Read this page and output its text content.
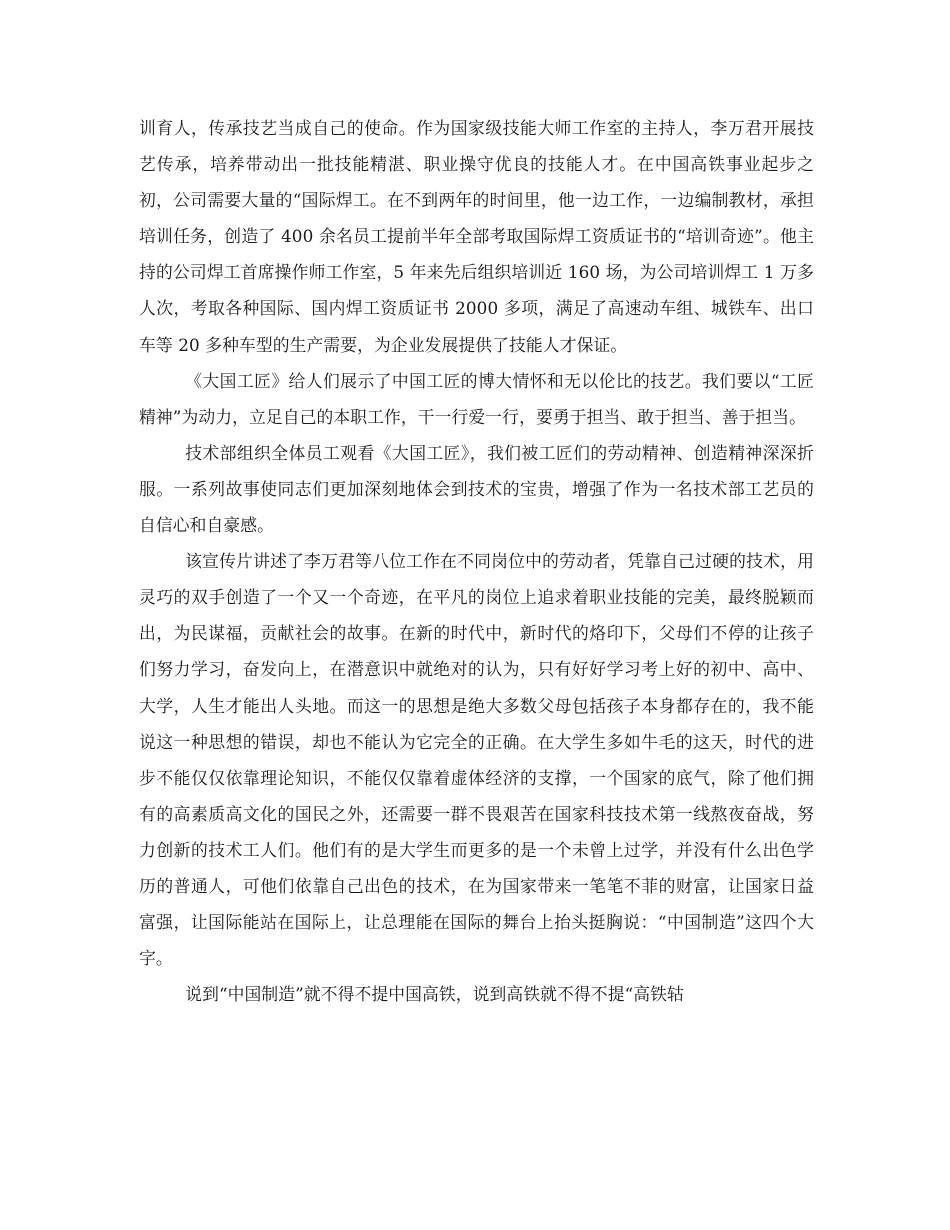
训育人，传承技艺当成自己的使命。作为国家级技能大师工作室的主持人，李万君开展技艺传承，培养带动出一批技能精湛、职业操守优良的技能人才。在中国高铁事业起步之初，公司需要大量的“国际焊工。在不到两年的时间里，他一边工作，一边编制教材，承担培训任务，创造了 400 余名员工提前半年全部考取国际焊工资质证书的“培训奇迹”。他主持的公司焊工首席操作师工作室，5 年来先后组织培训近 160 场，为公司培训焊工 1 万多人次，考取各种国际、国内焊工资质证书 2000 多项，满足了高速动车组、城铁车、出口车等 20 多种车型的生产需要，为企业发展提供了技能人才保证。

《大国工匠》给人们展示了中国工匠的博大情怀和无以伦比的技艺。我们要以“工匠精神”为动力，立足自己的本职工作，干一行爱一行，要勇于担当、敢于担当、善于担当。

技术部组织全体员工观看《大国工匠》，我们被工匠们的劳动精神、创造精神深深折服。一系列故事使同志们更加深刻地体会到技术的宝贵，增强了作为一名技术部工艺员的自信心和自豪感。

该宣传片讲述了李万君等八位工作在不同岗位中的劳动者，凭靠自己过硬的技术，用灵巧的双手创造了一个又一个奇迹，在平凡的岗位上追求着职业技能的完美，最终脱颖而出，为民谋福，贡献社会的故事。在新的时代中，新时代的烙印下，父母们不停的让孩子们努力学习，奋发向上，在潜意识中就绝对的认为，只有好好学习考上好的初中、高中、大学，人生才能出人头地。而这一的思想是绝大多数父母包括孩子本身都存在的，我不能说这一种思想的错误，却也不能认为它完全的正确。在大学生多如牛毛的这天，时代的进步不能仅仅依靠理论知识，不能仅仅靠着虚体经济的支撑，一个国家的底气，除了他们拥有的高素质高文化的国民之外，还需要一群不畏艰苦在国家科技技术第一线熬夜奋战，努力创新的技术工人们。他们有的是大学生而更多的是一个未曾上过学，并没有什么出色学历的普通人，可他们依靠自己出色的技术，在为国家带来一笔笔不菲的财富，让国家日益富强，让国际能站在国际上，让总理能在国际的舞台上抬头挺胸说：“中国制造”这四个大字。

说到“中国制造”就不得不提中国高铁，说到高铁就不得不提“高铁轱
